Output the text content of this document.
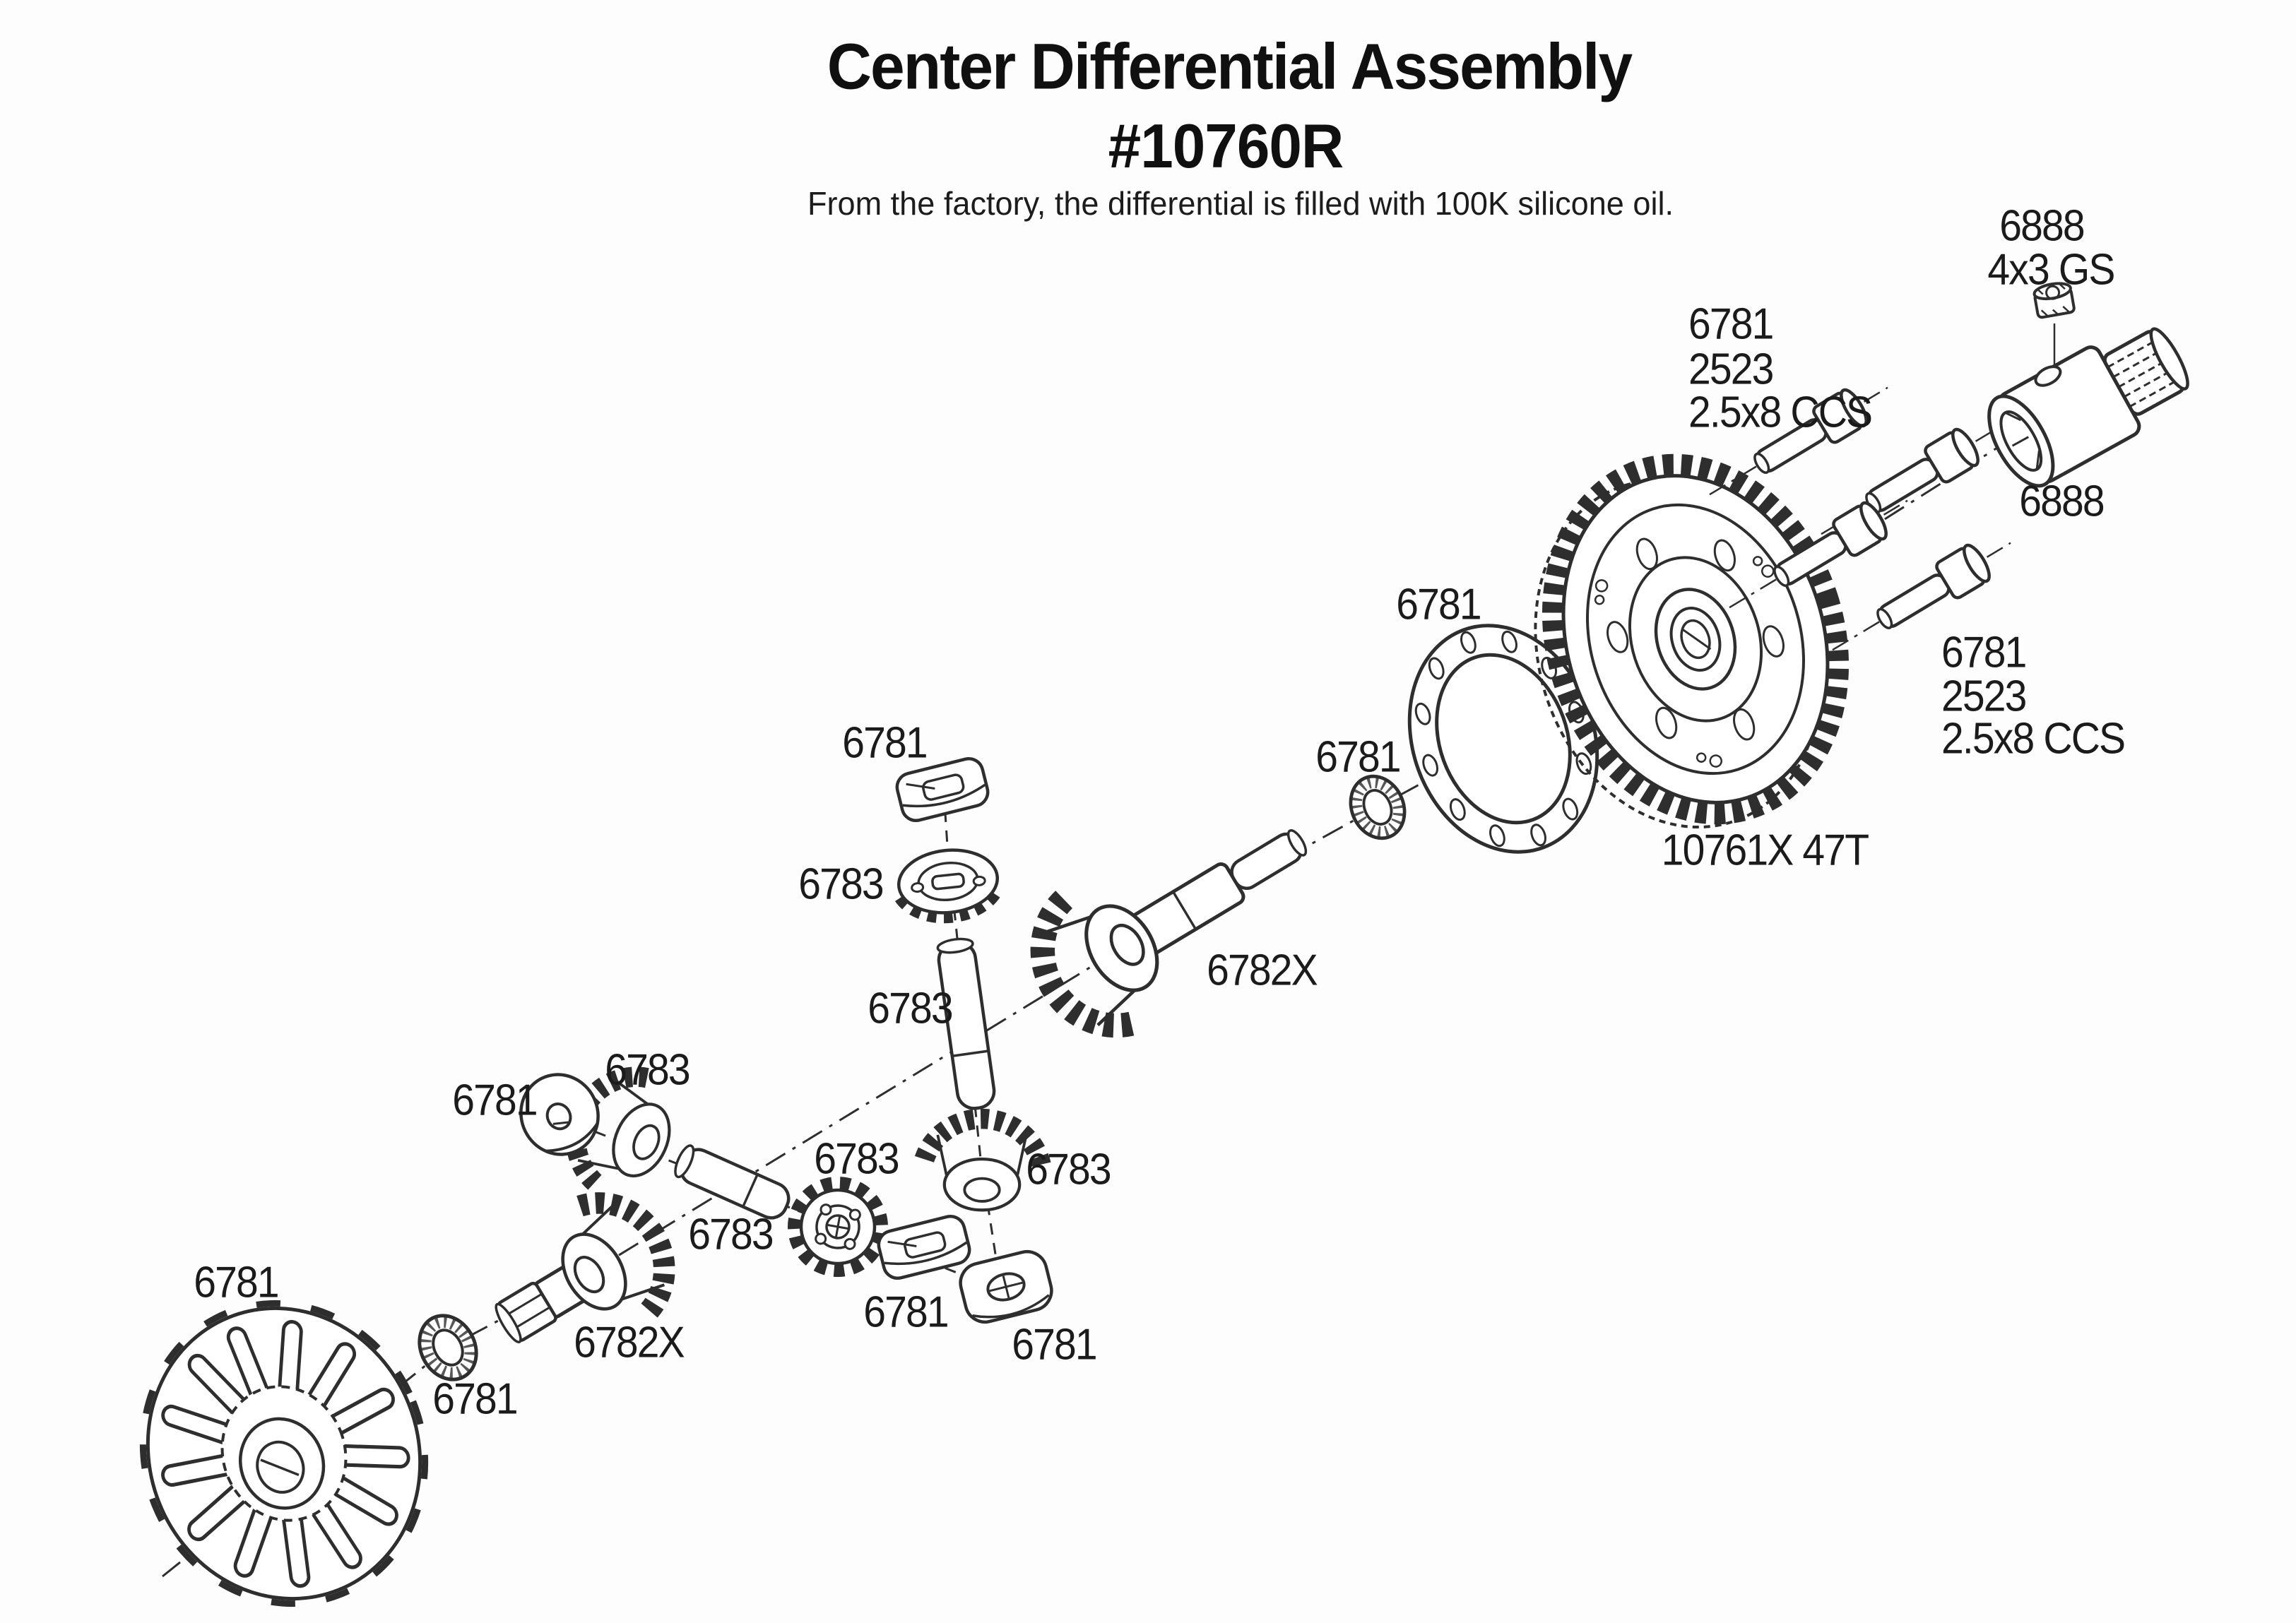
Center Differential Assembly
#10760R
From the factory, the differential is filled with 100K silicone oil.
6781
2523
2.5x8 CCS
6888
4x3 GS
6888
6781
2523
2.5x8 CCS
6781
6781
10761X 47T
6781
6783
6783
6782X
6783
6781
6783	6783
6783
6781
6781
6782X
6781
6781
